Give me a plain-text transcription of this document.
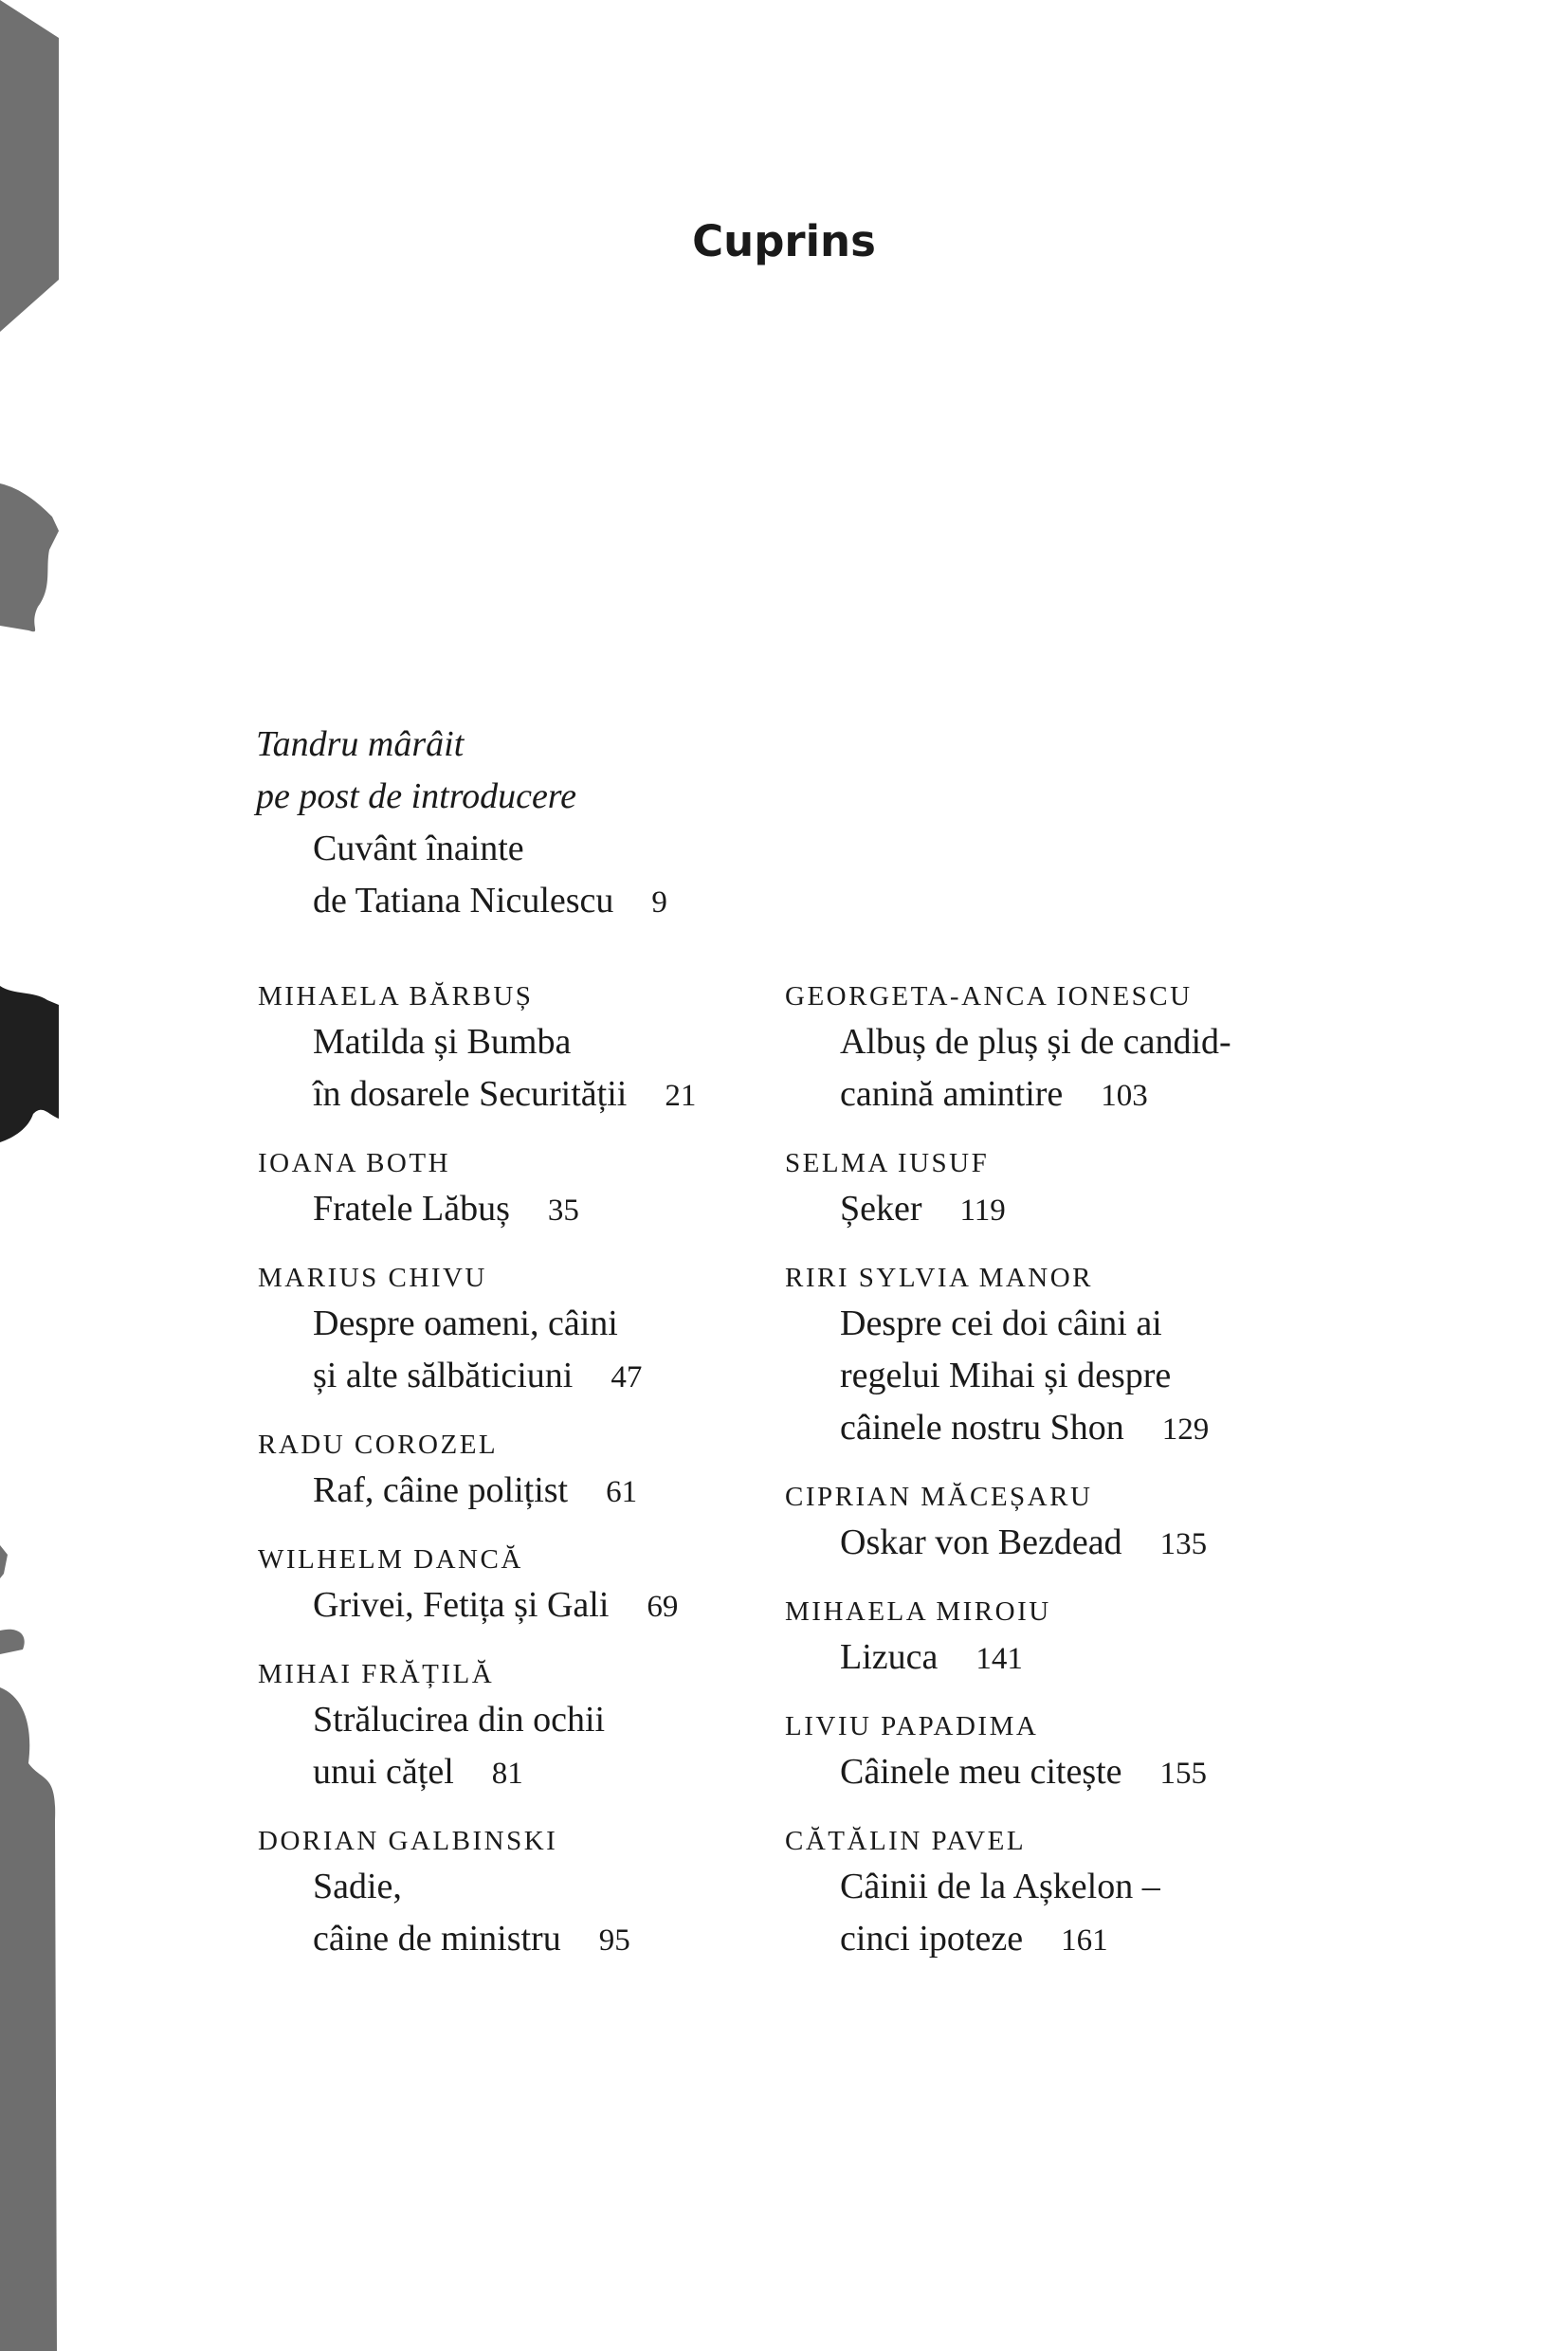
Cuprins
Tandru mârâit
pe post de introducere
Cuvânt înainte
de Tatiana Niculescu 9
MIHAELA BĂRBUȘ
Matilda și Bumba
în dosarele Securității 21
IOANA BOTH
Fratele Lăbuș 35
MARIUS CHIVU
Despre oameni, câini
și alte sălbăticiuni 47
RADU COROZEL
Raf, câine polițist 61
WILHELM DANCĂ
Grivei, Fetița și Gali 69
MIHAI FRĂȚILĂ
Strălucirea din ochii
unui cățel 81
DORIAN GALBINSKI
Sadie,
câine de ministru 95
GEORGETA-ANCA IONESCU
Albuș de pluș și de candid-
canină amintire 103
SELMA IUSUF
Șeker 119
RIRI SYLVIA MANOR
Despre cei doi câini ai
regelui Mihai și despre
câinele nostru Shon 129
CIPRIAN MĂCEȘARU
Oskar von Bezdead 135
MIHAELA MIROIU
Lizuca 141
LIVIU PAPADIMA
Câinele meu citește 155
CĂTĂLIN PAVEL
Câinii de la Așkelon –
cinci ipoteze 161
